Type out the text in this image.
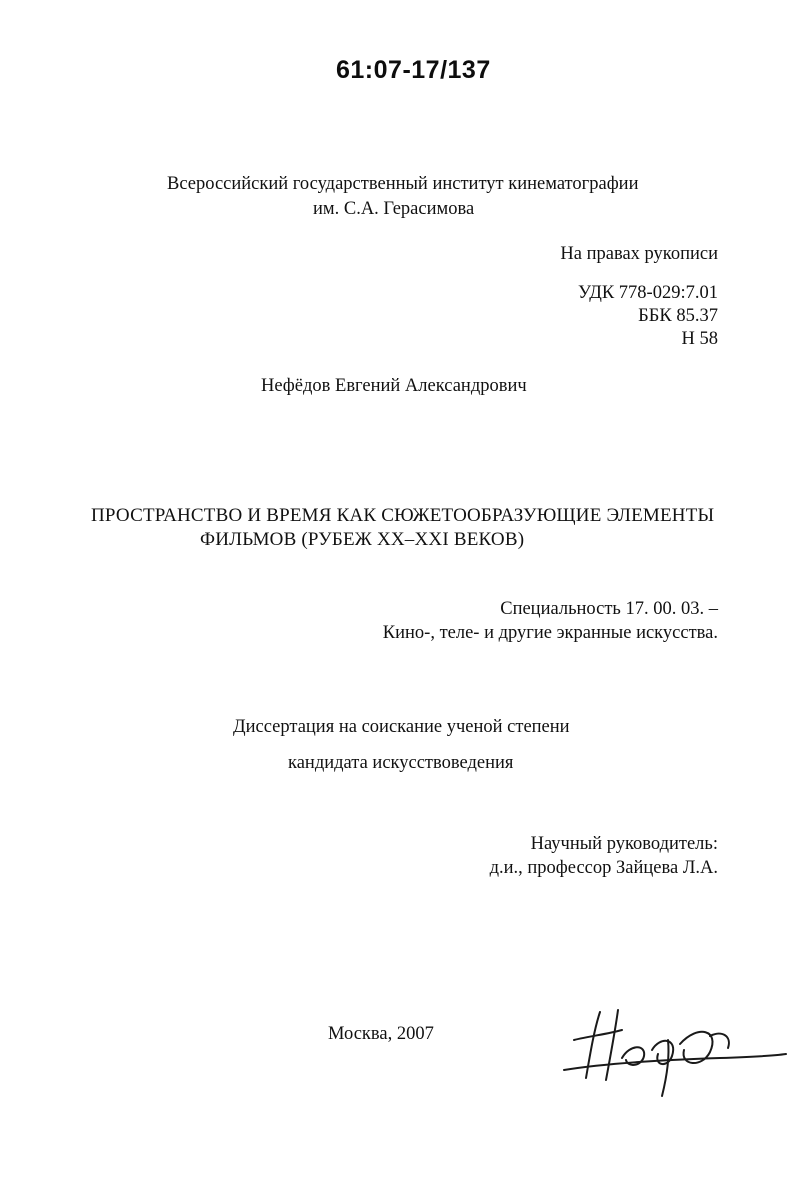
61:07-17/137
Всероссийский государственный институт кинематографии
им. С.А. Герасимова
На правах рукописи
УДК 778-029:7.01
ББК 85.37
Н 58
Нефёдов Евгений Александрович
ПРОСТРАНСТВО И ВРЕМЯ КАК СЮЖЕТООБРАЗУЮЩИЕ ЭЛЕМЕНТЫ
ФИЛЬМОВ (РУБЕЖ XX–XXI ВЕКОВ)
Специальность 17. 00. 03. –
Кино-, теле- и другие экранные искусства.
Диссертация на соискание ученой степени
кандидата искусствоведения
Научный руководитель:
д.и., профессор Зайцева Л.А.
Москва, 2007
